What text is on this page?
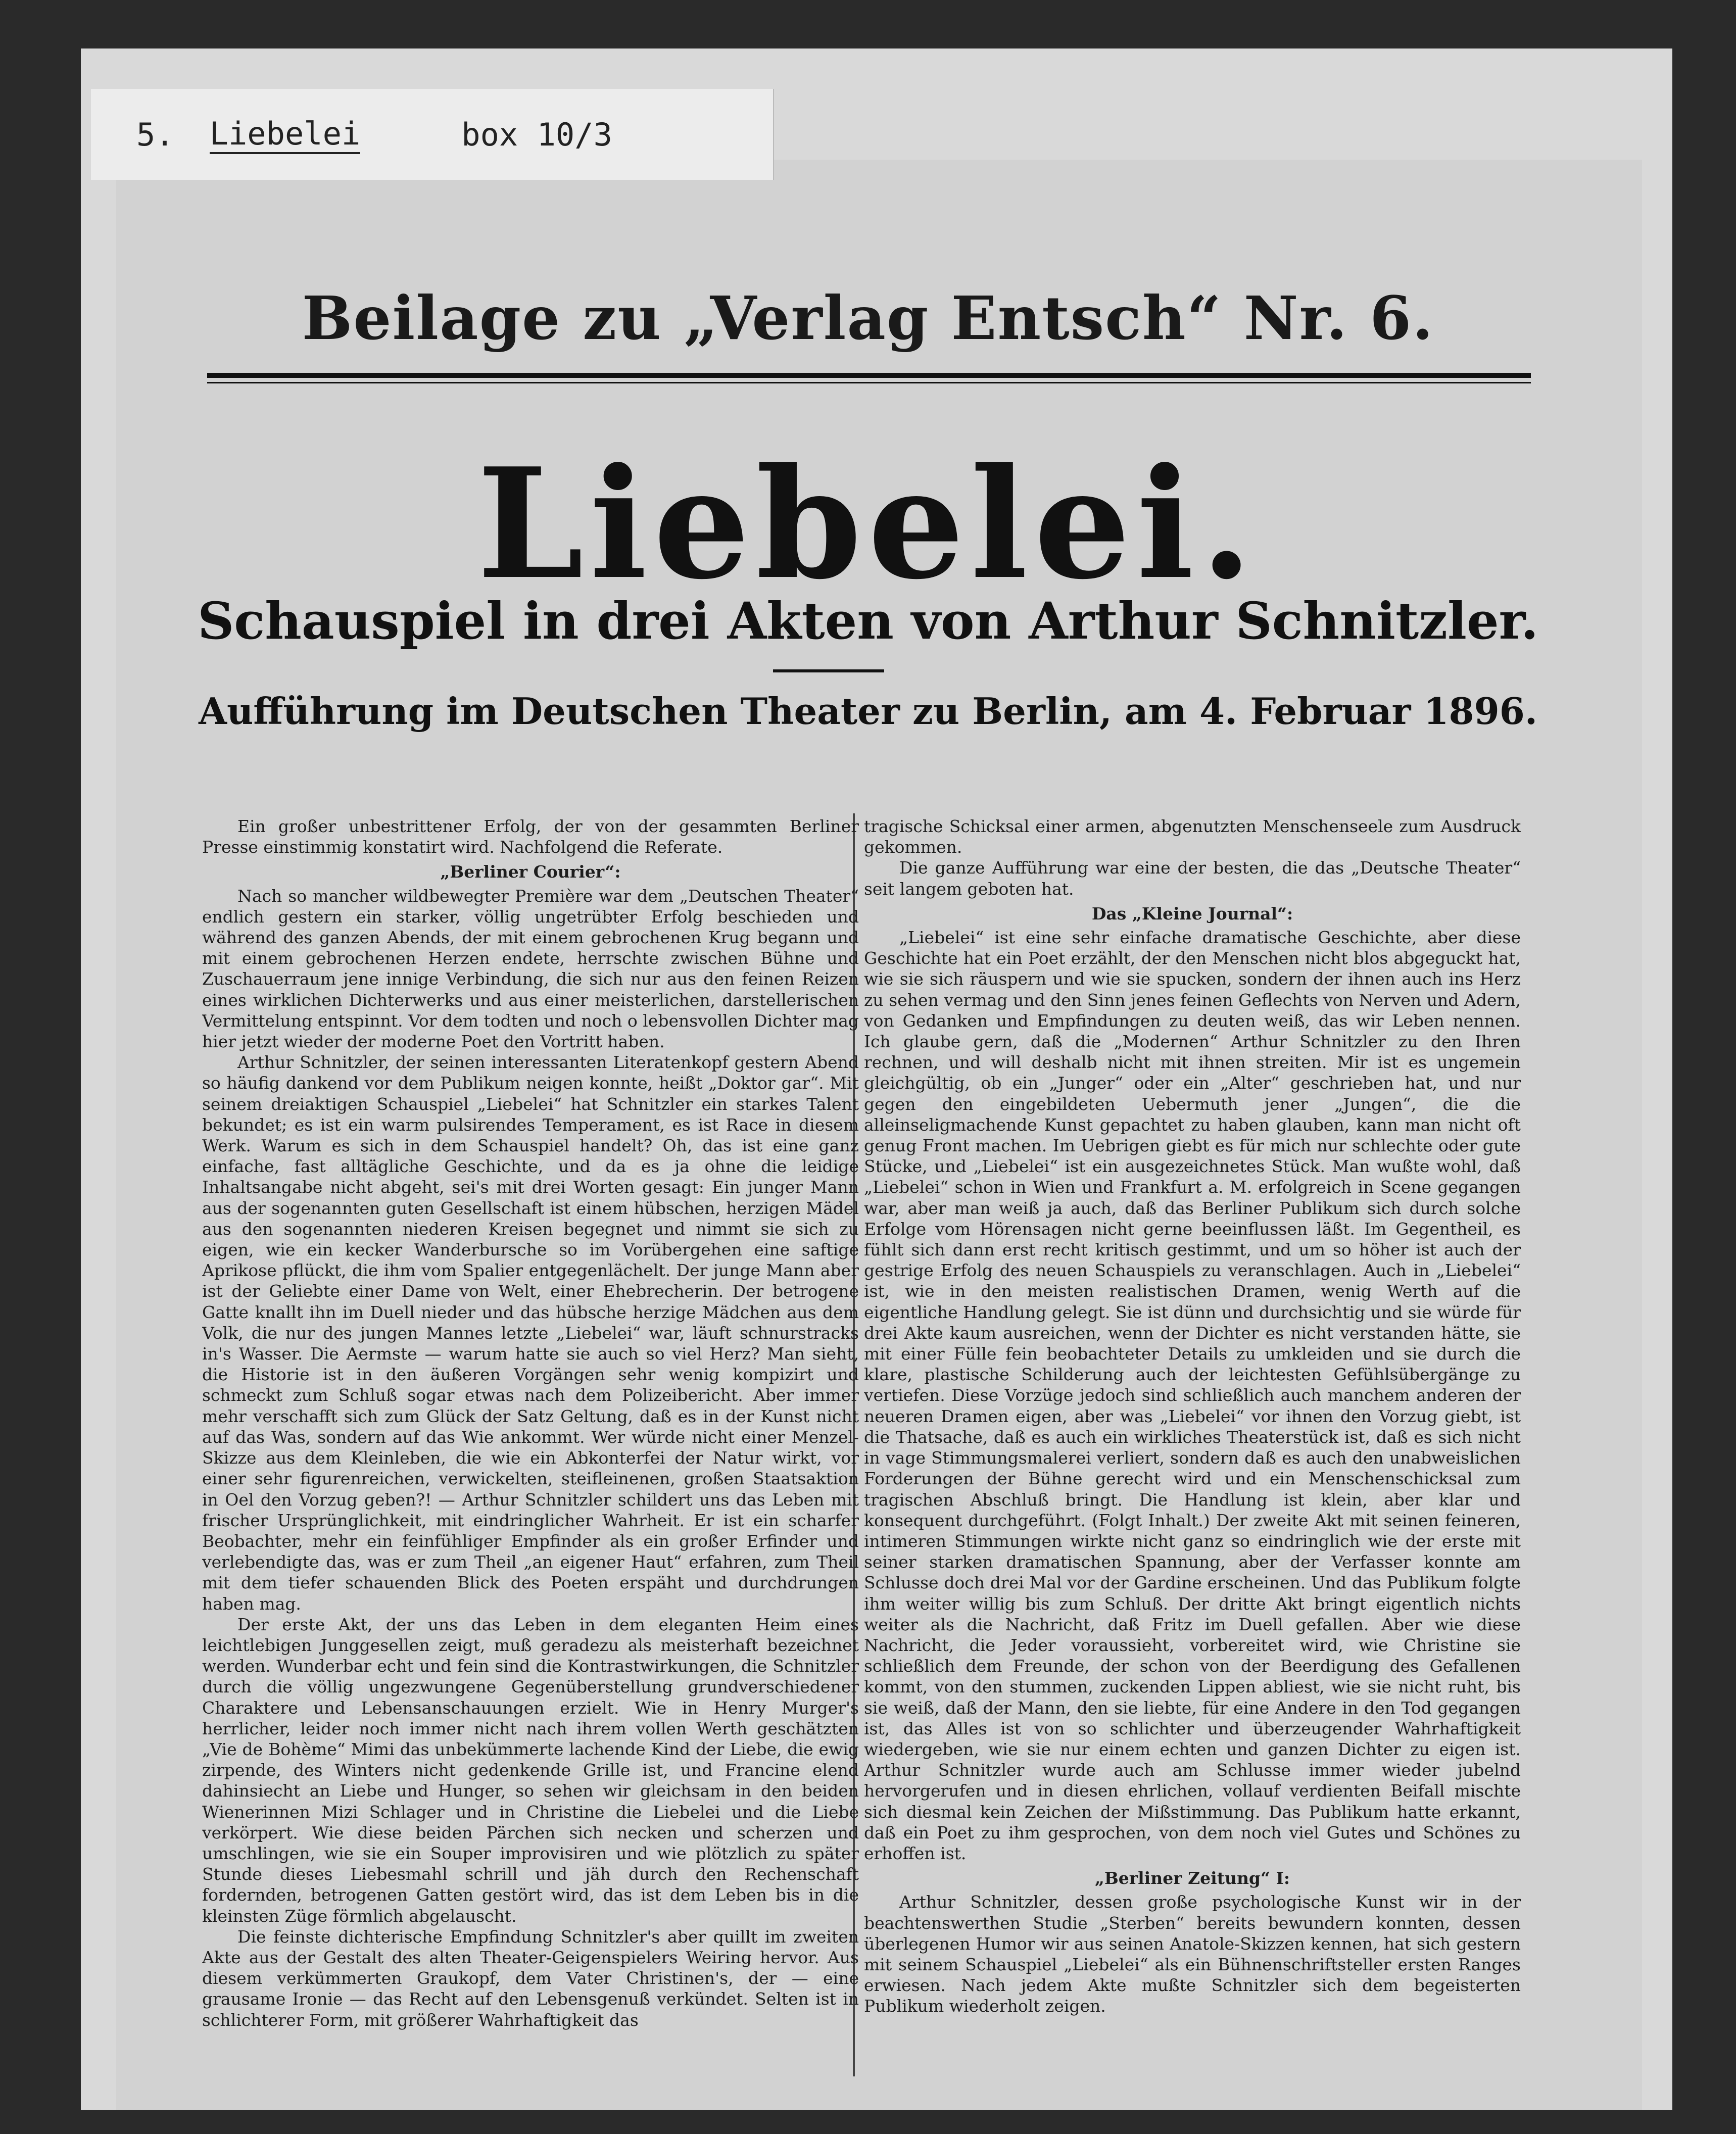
5. Liebelei	box 10/3
Beilage zu „Verlag Entsch“ Nr. 6.
Liebelei.
Schauspiel in drei Akten von Arthur Schnitzler.
Aufführung im Deutschen Theater zu Berlin, am 4. Februar 1896.

Ein großer unbestrittener Erfolg, der von der gesammten Berliner Presse einstimmig konstatirt wird. Nachfolgend die Referate.

„Berliner Courier“:

Nach so mancher wildbewegter Première war dem „Deutschen Theater“ endlich gestern ein starker, völlig ungetrübter Erfolg beschieden und während des ganzen Abends, der mit einem gebrochenen Krug begann und mit einem gebrochenen Herzen endete, herrschte zwischen Bühne und Zuschauerraum jene innige Verbindung, die sich nur aus den feinen Reizen eines wirklichen Dichterwerks und aus einer meisterlichen, darstellerischen Vermittelung entspinnt. Vor dem todten und noch o lebensvollen Dichter mag hier jetzt wieder der moderne Poet den Vortritt haben.

Arthur Schnitzler, der seinen interessanten Literatenkopf gestern Abend so häufig dankend vor dem Publikum neigen konnte, heißt „Doktor gar“. Mit seinem dreiaktigen Schauspiel „Liebelei“ hat Schnitzler ein starkes Talent bekundet; es ist ein warm pulsirendes Temperament, es ist Race in diesem Werk. Warum es sich in dem Schauspiel handelt? Oh, das ist eine ganz einfache, fast alltägliche Geschichte, und da es ja ohne die leidige Inhaltsangabe nicht abgeht, sei's mit drei Worten gesagt: Ein junger Mann aus der sogenannten guten Gesellschaft ist einem hübschen, herzigen Mädel aus den sogenannten niederen Kreisen begegnet und nimmt sie sich zu eigen, wie ein kecker Wanderbursche so im Vorübergehen eine saftige Aprikose pflückt, die ihm vom Spalier entgegenlächelt. Der junge Mann aber ist der Geliebte einer Dame von Welt, einer Ehebrecherin. Der betrogene Gatte knallt ihn im Duell nieder und das hübsche herzige Mädchen aus dem Volk, die nur des jungen Mannes letzte „Liebelei“ war, läuft schnurstracks in's Wasser. Die Aermste — warum hatte sie auch so viel Herz? Man sieht, die Historie ist in den äußeren Vorgängen sehr wenig kompizirt und schmeckt zum Schluß sogar etwas nach dem Polizeibericht. Aber immer mehr verschafft sich zum Glück der Satz Geltung, daß es in der Kunst nicht auf das Was, sondern auf das Wie ankommt. Wer würde nicht einer Menzel-Skizze aus dem Kleinleben, die wie ein Abkonterfei der Natur wirkt, vor einer sehr figurenreichen, verwickelten, steifleinenen, großen Staatsaktion in Oel den Vorzug geben?! — Arthur Schnitzler schildert uns das Leben mit frischer Ursprünglichkeit, mit eindringlicher Wahrheit. Er ist ein scharfer Beobachter, mehr ein feinfühliger Empfinder als ein großer Erfinder und verlebendigte das, was er zum Theil „an eigener Haut“ erfahren, zum Theil mit dem tiefer schauenden Blick des Poeten erspäht und durchdrungen haben mag.

Der erste Akt, der uns das Leben in dem eleganten Heim eines leichtlebigen Junggesellen zeigt, muß geradezu als meisterhaft bezeichnet werden. Wunderbar echt und fein sind die Kontrastwirkungen, die Schnitzler durch die völlig ungezwungene Gegenüberstellung grundverschiedener Charaktere und Lebensanschauungen erzielt. Wie in Henry Murger's herrlicher, leider noch immer nicht nach ihrem vollen Werth geschätzten „Vie de Bohème“ Mimi das unbekümmerte lachende Kind der Liebe, die ewig zirpende, des Winters nicht gedenkende Grille ist, und Francine elend dahinsiecht an Liebe und Hunger, so sehen wir gleichsam in den beiden Wienerinnen Mizi Schlager und in Christine die Liebelei und die Liebe verkörpert. Wie diese beiden Pärchen sich necken und scherzen und umschlingen, wie sie ein Souper improvisiren und wie plötzlich zu später Stunde dieses Liebesmahl schrill und jäh durch den Rechenschaft fordernden, betrogenen Gatten gestört wird, das ist dem Leben bis in die kleinsten Züge förmlich abgelauscht.

Die feinste dichterische Empfindung Schnitzler's aber quillt im zweiten Akte aus der Gestalt des alten Theater-Geigenspielers Weiring hervor. Aus diesem verkümmerten Graukopf, dem Vater Christinen's, der — eine grausame Ironie — das Recht auf den Lebensgenuß verkündet. Selten ist in schlichterer Form, mit größerer Wahrhaftigkeit das

tragische Schicksal einer armen, abgenutzten Menschenseele zum Ausdruck gekommen.

Die ganze Aufführung war eine der besten, die das „Deutsche Theater“ seit langem geboten hat.

Das „Kleine Journal“:

„Liebelei“ ist eine sehr einfache dramatische Geschichte, aber diese Geschichte hat ein Poet erzählt, der den Menschen nicht blos abgeguckt hat, wie sie sich räuspern und wie sie spucken, sondern der ihnen auch ins Herz zu sehen vermag und den Sinn jenes feinen Geflechts von Nerven und Adern, von Gedanken und Empfindungen zu deuten weiß, das wir Leben nennen. Ich glaube gern, daß die „Modernen“ Arthur Schnitzler zu den Ihren rechnen, und will deshalb nicht mit ihnen streiten. Mir ist es ungemein gleichgültig, ob ein „Junger“ oder ein „Alter“ geschrieben hat, und nur gegen den eingebildeten Uebermuth jener „Jungen“, die die alleinseligmachende Kunst gepachtet zu haben glauben, kann man nicht oft genug Front machen. Im Uebrigen giebt es für mich nur schlechte oder gute Stücke, und „Liebelei“ ist ein ausgezeichnetes Stück. Man wußte wohl, daß „Liebelei“ schon in Wien und Frankfurt a. M. erfolgreich in Scene gegangen war, aber man weiß ja auch, daß das Berliner Publikum sich durch solche Erfolge vom Hörensagen nicht gerne beeinflussen läßt. Im Gegentheil, es fühlt sich dann erst recht kritisch gestimmt, und um so höher ist auch der gestrige Erfolg des neuen Schauspiels zu veranschlagen. Auch in „Liebelei“ ist, wie in den meisten realistischen Dramen, wenig Werth auf die eigentliche Handlung gelegt. Sie ist dünn und durchsichtig und sie würde für drei Akte kaum ausreichen, wenn der Dichter es nicht verstanden hätte, sie mit einer Fülle fein beobachteter Details zu umkleiden und sie durch die klare, plastische Schilderung auch der leichtesten Gefühlsübergänge zu vertiefen. Diese Vorzüge jedoch sind schließlich auch manchem anderen der neueren Dramen eigen, aber was „Liebelei“ vor ihnen den Vorzug giebt, ist die Thatsache, daß es auch ein wirkliches Theaterstück ist, daß es sich nicht in vage Stimmungsmalerei verliert, sondern daß es auch den unabweislichen Forderungen der Bühne gerecht wird und ein Menschenschicksal zum tragischen Abschluß bringt. Die Handlung ist klein, aber klar und konsequent durchgeführt. (Folgt Inhalt.) Der zweite Akt mit seinen feineren, intimeren Stimmungen wirkte nicht ganz so eindringlich wie der erste mit seiner starken dramatischen Spannung, aber der Verfasser konnte am Schlusse doch drei Mal vor der Gardine erscheinen. Und das Publikum folgte ihm weiter willig bis zum Schluß. Der dritte Akt bringt eigentlich nichts weiter als die Nachricht, daß Fritz im Duell gefallen. Aber wie diese Nachricht, die Jeder voraussieht, vorbereitet wird, wie Christine sie schließlich dem Freunde, der schon von der Beerdigung des Gefallenen kommt, von den stummen, zuckenden Lippen abliest, wie sie nicht ruht, bis sie weiß, daß der Mann, den sie liebte, für eine Andere in den Tod gegangen ist, das Alles ist von so schlichter und überzeugender Wahrhaftigkeit wiedergeben, wie sie nur einem echten und ganzen Dichter zu eigen ist. Arthur Schnitzler wurde auch am Schlusse immer wieder jubelnd hervorgerufen und in diesen ehrlichen, vollauf verdienten Beifall mischte sich diesmal kein Zeichen der Mißstimmung. Das Publikum hatte erkannt, daß ein Poet zu ihm gesprochen, von dem noch viel Gutes und Schönes zu erhoffen ist.

„Berliner Zeitung“ I:

Arthur Schnitzler, dessen große psychologische Kunst wir in der beachtenswerthen Studie „Sterben“ bereits bewundern konnten, dessen überlegenen Humor wir aus seinen Anatole-Skizzen kennen, hat sich gestern mit seinem Schauspiel „Liebelei“ als ein Bühnenschriftsteller ersten Ranges erwiesen. Nach jedem Akte mußte Schnitzler sich dem begeisterten Publikum wiederholt zeigen.
